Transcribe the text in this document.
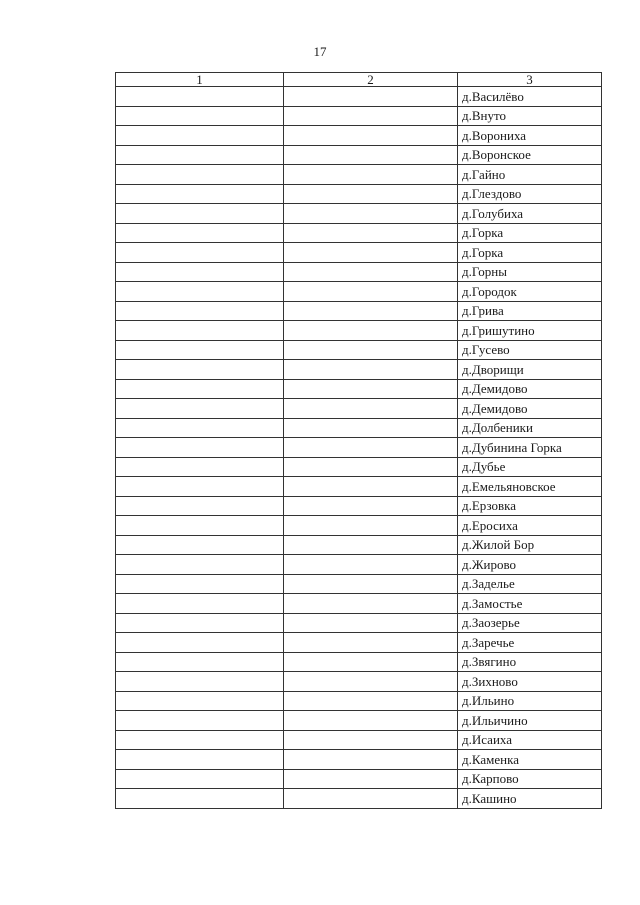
17
1	2	3
		д.Василёво
		д.Внуто
		д.Ворониха
		д.Воронское
		д.Гайно
		д.Глездово
		д.Голубиха
		д.Горка
		д.Горка
		д.Горны
		д.Городок
		д.Грива
		д.Гришутино
		д.Гусево
		д.Дворищи
		д.Демидово
		д.Демидово
		д.Долбеники
		д.Дубинина Горка
		д.Дубье
		д.Емельяновское
		д.Ерзовка
		д.Еросиха
		д.Жилой Бор
		д.Жирово
		д.Заделье
		д.Замостье
		д.Заозерье
		д.Заречье
		д.Звягино
		д.Зихново
		д.Ильино
		д.Ильичино
		д.Исаиха
		д.Каменка
		д.Карпово
		д.Кашино
